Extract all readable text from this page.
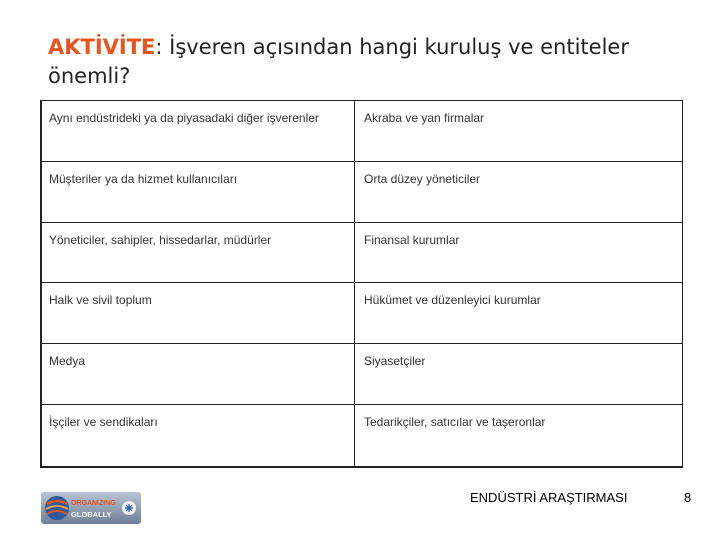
AKTİVİTE: İşveren açısından hangi kuruluş ve entiteler önemli?
Aynı endüstrideki ya da piyasadaki diğer işverenler	Akraba ve yan firmalar
Müşteriler ya da hizmet kullanıcıları	Orta düzey yöneticiler
Yöneticiler, sahipler, hissedarlar, müdürler	Finansal kurumlar
Halk ve sivil toplum	Hükümet ve düzenleyici kurumlar
Medya	Siyasetçiler
İşçiler ve sendikaları	Tedarikçiler, satıcılar ve taşeronlar
ORGANIZING
GLOBALLY
ENDÜSTRİ ARAŞTIRMASI	8
